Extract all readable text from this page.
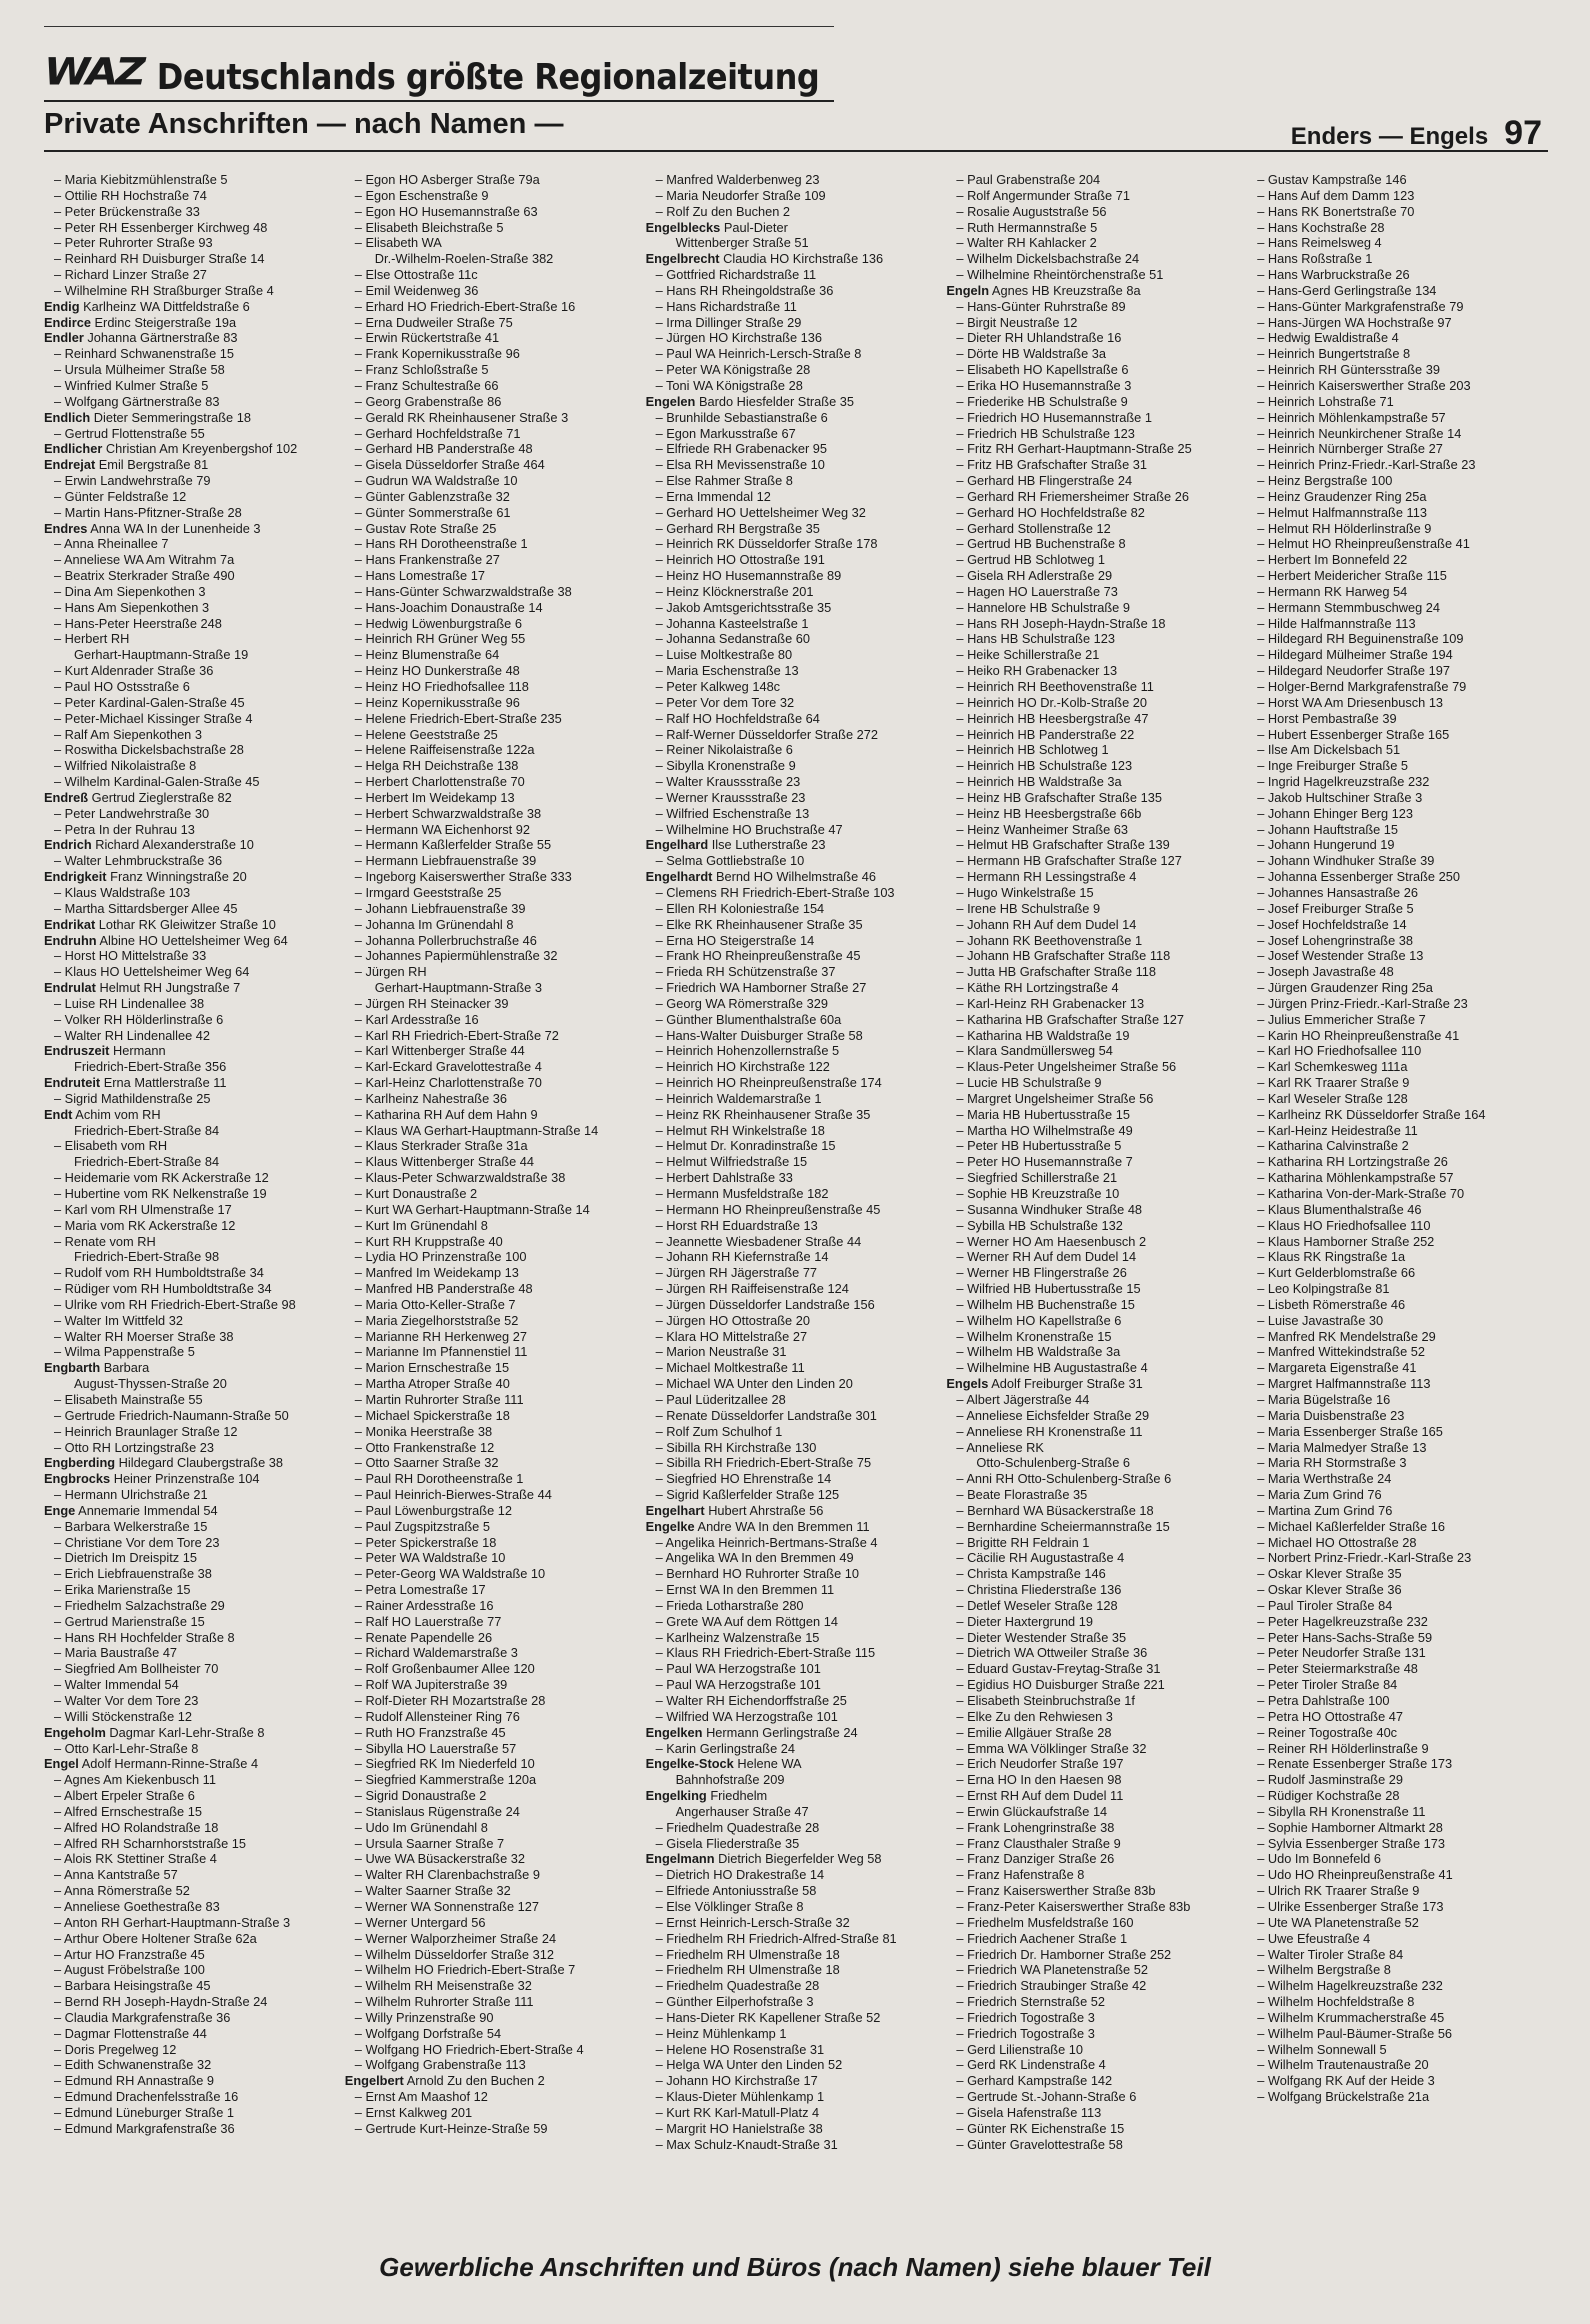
WAZ Deutschlands größte Regionalzeitung
Private Anschriften — nach Namen —	Enders — Engels 97
– Maria Kiebitzmühlenstraße 5
– Ottilie RH Hochstraße 74
– Peter Brückenstraße 33
– Peter RH Essenberger Kirchweg 48
– Peter Ruhrorter Straße 93
– Reinhard RH Duisburger Straße 14
– Richard Linzer Straße 27
– Wilhelmine RH Straßburger Straße 4
Endig Karlheinz WA Dittfeldstraße 6
Endirce Erdinc Steigerstraße 19a
Endler Johanna Gärtnerstraße 83
– Reinhard Schwanenstraße 15
– Ursula Mülheimer Straße 58
– Winfried Kulmer Straße 5
– Wolfgang Gärtnerstraße 83
Endlich Dieter Semmeringstraße 18
– Gertrud Flottenstraße 55
Endlicher Christian Am Kreyenbergshof 102
Endrejat Emil Bergstraße 81
– Erwin Landwehrstraße 79
– Günter Feldstraße 12
– Martin Hans-Pfitzner-Straße 28
Endres Anna WA In der Lunenheide 3
– Anna Rheinallee 7
– Anneliese WA Am Witrahm 7a
– Beatrix Sterkrader Straße 490
– Dina Am Siepenkothen 3
– Hans Am Siepenkothen 3
– Hans-Peter Heerstraße 248
– Herbert RH
Gerhart-Hauptmann-Straße 19
– Kurt Aldenrader Straße 36
– Paul HO Ostsstraße 6
– Peter Kardinal-Galen-Straße 45
– Peter-Michael Kissinger Straße 4
– Ralf Am Siepenkothen 3
– Roswitha Dickelsbachstraße 28
– Wilfried Nikolaistraße 8
– Wilhelm Kardinal-Galen-Straße 45
Endreß Gertrud Zieglerstraße 82
– Peter Landwehrstraße 30
– Petra In der Ruhrau 13
Endrich Richard Alexanderstraße 10
– Walter Lehmbruckstraße 36
Endrigkeit Franz Winningstraße 20
– Klaus Waldstraße 103
– Martha Sittardsberger Allee 45
Endrikat Lothar RK Gleiwitzer Straße 10
Endruhn Albine HO Uettelsheimer Weg 64
– Horst HO Mittelstraße 33
– Klaus HO Uettelsheimer Weg 64
Endrulat Helmut RH Jungstraße 7
– Luise RH Lindenallee 38
– Volker RH Hölderlinstraße 6
– Walter RH Lindenallee 42
Endruszeit Hermann
Friedrich-Ebert-Straße 356
Endruteit Erna Mattlerstraße 11
– Sigrid Mathildenstraße 25
Endt Achim vom RH
Friedrich-Ebert-Straße 84
– Elisabeth vom RH
Friedrich-Ebert-Straße 84
– Heidemarie vom RK Ackerstraße 12
– Hubertine vom RK Nelkenstraße 19
– Karl vom RH Ulmenstraße 17
– Maria vom RK Ackerstraße 12
– Renate vom RH
Friedrich-Ebert-Straße 98
– Rudolf vom RH Humboldtstraße 34
– Rüdiger vom RH Humboldtstraße 34
– Ulrike vom RH Friedrich-Ebert-Straße 98
– Walter Im Wittfeld 32
– Walter RH Moerser Straße 38
– Wilma Pappenstraße 5
Engbarth Barbara
August-Thyssen-Straße 20
– Elisabeth Mainstraße 55
– Gertrude Friedrich-Naumann-Straße 50
– Heinrich Braunlager Straße 12
– Otto RH Lortzingstraße 23
Engberding Hildegard Claubergstraße 38
Engbrocks Heiner Prinzenstraße 104
– Hermann Ulrichstraße 21
Enge Annemarie Immendal 54
– Barbara Welkerstraße 15
– Christiane Vor dem Tore 23
– Dietrich Im Dreispitz 15
– Erich Liebfrauenstraße 38
– Erika Marienstraße 15
– Friedhelm Salzachstraße 29
– Gertrud Marienstraße 15
– Hans RH Hochfelder Straße 8
– Maria Baustraße 47
– Siegfried Am Bollheister 70
– Walter Immendal 54
– Walter Vor dem Tore 23
– Willi Stöckenstraße 12
Engeholm Dagmar Karl-Lehr-Straße 8
– Otto Karl-Lehr-Straße 8
Engel Adolf Hermann-Rinne-Straße 4
– Agnes Am Kiekenbusch 11
– Albert Erpeler Straße 6
– Alfred Ernschestraße 15
– Alfred HO Rolandstraße 18
– Alfred RH Scharnhorststraße 15
– Alois RK Stettiner Straße 4
– Anna Kantstraße 57
– Anna Römerstraße 52
– Anneliese Goethestraße 83
– Anton RH Gerhart-Hauptmann-Straße 3
– Arthur Obere Holtener Straße 62a
– Artur HO Franzstraße 45
– August Fröbelstraße 100
– Barbara Heisingstraße 45
– Bernd RH Joseph-Haydn-Straße 24
– Claudia Markgrafenstraße 36
– Dagmar Flottenstraße 44
– Doris Pregelweg 12
– Edith Schwanenstraße 32
– Edmund RH Annastraße 9
– Edmund Drachenfelsstraße 16
– Edmund Lüneburger Straße 1
– Edmund Markgrafenstraße 36
– Egon HO Asberger Straße 79a
– Egon Eschenstraße 9
– Egon HO Husemannstraße 63
– Elisabeth Bleichstraße 5
– Elisabeth WA
Dr.-Wilhelm-Roelen-Straße 382
– Else Ottostraße 11c
– Emil Weidenweg 36
– Erhard HO Friedrich-Ebert-Straße 16
– Erna Dudweiler Straße 75
– Erwin Rückertstraße 41
– Frank Kopernikusstraße 96
– Franz Schloßstraße 5
– Franz Schultestraße 66
– Georg Grabenstraße 86
– Gerald RK Rheinhausener Straße 3
– Gerhard Hochfeldstraße 71
– Gerhard HB Panderstraße 48
– Gisela Düsseldorfer Straße 464
– Gudrun WA Waldstraße 10
– Günter Gablenzstraße 32
– Günter Sommerstraße 61
– Gustav Rote Straße 25
– Hans RH Dorotheenstraße 1
– Hans Frankenstraße 27
– Hans Lomestraße 17
– Hans-Günter Schwarzwaldstraße 38
– Hans-Joachim Donaustraße 14
– Hedwig Löwenburgstraße 6
– Heinrich RH Grüner Weg 55
– Heinz Blumenstraße 64
– Heinz HO Dunkerstraße 48
– Heinz HO Friedhofsallee 118
– Heinz Kopernikusstraße 96
– Helene Friedrich-Ebert-Straße 235
– Helene Geeststraße 25
– Helene Raiffeisenstraße 122a
– Helga RH Deichstraße 138
– Herbert Charlottenstraße 70
– Herbert Im Weidekamp 13
– Herbert Schwarzwaldstraße 38
– Hermann WA Eichenhorst 92
– Hermann Kaßlerfelder Straße 55
– Hermann Liebfrauenstraße 39
– Ingeborg Kaiserswerther Straße 333
– Irmgard Geeststraße 25
– Johann Liebfrauenstraße 39
– Johanna Im Grünendahl 8
– Johanna Pollerbruchstraße 46
– Johannes Papiermühlenstraße 32
– Jürgen RH
Gerhart-Hauptmann-Straße 3
– Jürgen RH Steinacker 39
– Karl Ardesstraße 16
– Karl RH Friedrich-Ebert-Straße 72
– Karl Wittenberger Straße 44
– Karl-Eckard Gravelottestraße 4
– Karl-Heinz Charlottenstraße 70
– Karlheinz Nahestraße 36
– Katharina RH Auf dem Hahn 9
– Klaus WA Gerhart-Hauptmann-Straße 14
– Klaus Sterkrader Straße 31a
– Klaus Wittenberger Straße 44
– Klaus-Peter Schwarzwaldstraße 38
– Kurt Donaustraße 2
– Kurt WA Gerhart-Hauptmann-Straße 14
– Kurt Im Grünendahl 8
– Kurt RH Kruppstraße 40
– Lydia HO Prinzenstraße 100
– Manfred Im Weidekamp 13
– Manfred HB Panderstraße 48
– Maria Otto-Keller-Straße 7
– Maria Ziegelhorststraße 52
– Marianne RH Herkenweg 27
– Marianne Im Pfannenstiel 11
– Marion Ernschestraße 15
– Martha Atroper Straße 40
– Martin Ruhrorter Straße 111
– Michael Spickerstraße 18
– Monika Heerstraße 38
– Otto Frankenstraße 12
– Otto Saarner Straße 32
– Paul RH Dorotheenstraße 1
– Paul Heinrich-Bierwes-Straße 44
– Paul Löwenburgstraße 12
– Paul Zugspitzstraße 5
– Peter Spickerstraße 18
– Peter WA Waldstraße 10
– Peter-Georg WA Waldstraße 10
– Petra Lomestraße 17
– Rainer Ardesstraße 16
– Ralf HO Lauerstraße 77
– Renate Papendelle 26
– Richard Waldemarstraße 3
– Rolf Großenbaumer Allee 120
– Rolf WA Jupiterstraße 39
– Rolf-Dieter RH Mozartstraße 28
– Rudolf Allensteiner Ring 76
– Ruth HO Franzstraße 45
– Sibylla HO Lauerstraße 57
– Siegfried RK Im Niederfeld 10
– Siegfried Kammerstraße 120a
– Sigrid Donaustraße 2
– Stanislaus Rügenstraße 24
– Udo Im Grünendahl 8
– Ursula Saarner Straße 7
– Uwe WA Büsackerstraße 32
– Walter RH Clarenbachstraße 9
– Walter Saarner Straße 32
– Werner WA Sonnenstraße 127
– Werner Untergard 56
– Werner Walporzheimer Straße 24
– Wilhelm Düsseldorfer Straße 312
– Wilhelm HO Friedrich-Ebert-Straße 7
– Wilhelm RH Meisenstraße 32
– Wilhelm Ruhrorter Straße 111
– Willy Prinzenstraße 90
– Wolfgang Dorfstraße 54
– Wolfgang HO Friedrich-Ebert-Straße 4
– Wolfgang Grabenstraße 113
Engelbert Arnold Zu den Buchen 2
– Ernst Am Maashof 12
– Ernst Kalkweg 201
– Gertrude Kurt-Heinze-Straße 59
– Manfred Walderbenweg 23
– Maria Neudorfer Straße 109
– Rolf Zu den Buchen 2
Engelblecks Paul-Dieter
Wittenberger Straße 51
Engelbrecht Claudia HO Kirchstraße 136
– Gottfried Richardstraße 11
– Hans RH Rheingoldstraße 36
– Hans Richardstraße 11
– Irma Dillinger Straße 29
– Jürgen HO Kirchstraße 136
– Paul WA Heinrich-Lersch-Straße 8
– Peter WA Königstraße 28
– Toni WA Königstraße 28
Engelen Bardo Hiesfelder Straße 35
– Brunhilde Sebastianstraße 6
– Egon Markusstraße 67
– Elfriede RH Grabenacker 95
– Elsa RH Mevissenstraße 10
– Else Rahmer Straße 8
– Erna Immendal 12
– Gerhard HO Uettelsheimer Weg 32
– Gerhard RH Bergstraße 35
– Heinrich RK Düsseldorfer Straße 178
– Heinrich HO Ottostraße 191
– Heinz HO Husemannstraße 89
– Heinz Klöcknerstraße 201
– Jakob Amtsgerichtsstraße 35
– Johanna Kasteelstraße 1
– Johanna Sedanstraße 60
– Luise Moltkestraße 80
– Maria Eschenstraße 13
– Peter Kalkweg 148c
– Peter Vor dem Tore 32
– Ralf HO Hochfeldstraße 64
– Ralf-Werner Düsseldorfer Straße 272
– Reiner Nikolaistraße 6
– Sibylla Kronenstraße 9
– Walter Kraussstraße 23
– Werner Kraussstraße 23
– Wilfried Eschenstraße 13
– Wilhelmine HO Bruchstraße 47
Engelhard Ilse Lutherstraße 23
– Selma Gottliebstraße 10
Engelhardt Bernd HO Wilhelmstraße 46
– Clemens RH Friedrich-Ebert-Straße 103
– Ellen RH Koloniestraße 154
– Elke RK Rheinhausener Straße 35
– Erna HO Steigerstraße 14
– Frank HO Rheinpreußenstraße 45
– Frieda RH Schützenstraße 37
– Friedrich WA Hamborner Straße 27
– Georg WA Römerstraße 329
– Günther Blumenthalstraße 60a
– Hans-Walter Duisburger Straße 58
– Heinrich Hohenzollernstraße 5
– Heinrich HO Kirchstraße 122
– Heinrich HO Rheinpreußenstraße 174
– Heinrich Waldemarstraße 1
– Heinz RK Rheinhausener Straße 35
– Helmut RH Winkelstraße 18
– Helmut Dr. Konradinstraße 15
– Helmut Wilfriedstraße 15
– Herbert Dahlstraße 33
– Hermann Musfeldstraße 182
– Hermann HO Rheinpreußenstraße 45
– Horst RH Eduardstraße 13
– Jeannette Wiesbadener Straße 44
– Johann RH Kiefernstraße 14
– Jürgen RH Jägerstraße 77
– Jürgen RH Raiffeisenstraße 124
– Jürgen Düsseldorfer Landstraße 156
– Jürgen HO Ottostraße 20
– Klara HO Mittelstraße 27
– Marion Neustraße 31
– Michael Moltkestraße 11
– Michael WA Unter den Linden 20
– Paul Lüderitzallee 28
– Renate Düsseldorfer Landstraße 301
– Rolf Zum Schulhof 1
– Sibilla RH Kirchstraße 130
– Sibilla RH Friedrich-Ebert-Straße 75
– Siegfried HO Ehrenstraße 14
– Sigrid Kaßlerfelder Straße 125
Engelhart Hubert Ahrstraße 56
Engelke Andre WA In den Bremmen 11
– Angelika Heinrich-Bertmans-Straße 4
– Angelika WA In den Bremmen 49
– Bernhard HO Ruhrorter Straße 10
– Ernst WA In den Bremmen 11
– Frieda Lotharstraße 280
– Grete WA Auf dem Röttgen 14
– Karlheinz Walzenstraße 15
– Klaus RH Friedrich-Ebert-Straße 115
– Paul WA Herzogstraße 101
– Paul WA Herzogstraße 101
– Walter RH Eichendorffstraße 25
– Wilfried WA Herzogstraße 101
Engelken Hermann Gerlingstraße 24
– Karin Gerlingstraße 24
Engelke-Stock Helene WA
Bahnhofstraße 209
Engelking Friedhelm
Angerhauser Straße 47
– Friedhelm Quadestraße 28
– Gisela Fliederstraße 35
Engelmann Dietrich Biegerfelder Weg 58
– Dietrich HO Drakestraße 14
– Elfriede Antoniusstraße 58
– Else Völklinger Straße 8
– Ernst Heinrich-Lersch-Straße 32
– Friedhelm RH Friedrich-Alfred-Straße 81
– Friedhelm RH Ulmenstraße 18
– Friedhelm RH Ulmenstraße 18
– Friedhelm Quadestraße 28
– Günther Eilperhofstraße 3
– Hans-Dieter RK Kapellener Straße 52
– Heinz Mühlenkamp 1
– Helene HO Rosenstraße 31
– Helga WA Unter den Linden 52
– Johann HO Kirchstraße 17
– Klaus-Dieter Mühlenkamp 1
– Kurt RK Karl-Matull-Platz 4
– Margrit HO Hanielstraße 38
– Max Schulz-Knaudt-Straße 31
– Paul Grabenstraße 204
– Rolf Angermunder Straße 71
– Rosalie Auguststraße 56
– Ruth Hermannstraße 5
– Walter RH Kahlacker 2
– Wilhelm Dickelsbachstraße 24
– Wilhelmine Rheintörchenstraße 51
Engeln Agnes HB Kreuzstraße 8a
– Hans-Günter Ruhrstraße 89
– Birgit Neustraße 12
– Dieter RH Uhlandstraße 16
– Dörte HB Waldstraße 3a
– Elisabeth HO Kapellstraße 6
– Erika HO Husemannstraße 3
– Friederike HB Schulstraße 9
– Friedrich HO Husemannstraße 1
– Friedrich HB Schulstraße 123
– Fritz RH Gerhart-Hauptmann-Straße 25
– Fritz HB Grafschafter Straße 31
– Gerhard HB Flingerstraße 24
– Gerhard RH Friemersheimer Straße 26
– Gerhard HO Hochfeldstraße 82
– Gerhard Stollenstraße 12
– Gertrud HB Buchenstraße 8
– Gertrud HB Schlotweg 1
– Gisela RH Adlerstraße 29
– Hagen HO Lauerstraße 73
– Hannelore HB Schulstraße 9
– Hans RH Joseph-Haydn-Straße 18
– Hans HB Schulstraße 123
– Heike Schillerstraße 21
– Heiko RH Grabenacker 13
– Heinrich RH Beethovenstraße 11
– Heinrich HO Dr.-Kolb-Straße 20
– Heinrich HB Heesbergstraße 47
– Heinrich HB Panderstraße 22
– Heinrich HB Schlotweg 1
– Heinrich HB Schulstraße 123
– Heinrich HB Waldstraße 3a
– Heinz HB Grafschafter Straße 135
– Heinz HB Heesbergstraße 66b
– Heinz Wanheimer Straße 63
– Helmut HB Grafschafter Straße 139
– Hermann HB Grafschafter Straße 127
– Hermann RH Lessingstraße 4
– Hugo Winkelstraße 15
– Irene HB Schulstraße 9
– Johann RH Auf dem Dudel 14
– Johann RK Beethovenstraße 1
– Johann HB Grafschafter Straße 118
– Jutta HB Grafschafter Straße 118
– Käthe RH Lortzingstraße 4
– Karl-Heinz RH Grabenacker 13
– Katharina HB Grafschafter Straße 127
– Katharina HB Waldstraße 19
– Klara Sandmüllersweg 54
– Klaus-Peter Ungelsheimer Straße 56
– Lucie HB Schulstraße 9
– Margret Ungelsheimer Straße 56
– Maria HB Hubertusstraße 15
– Martha HO Wilhelmstraße 49
– Peter HB Hubertusstraße 5
– Peter HO Husemannstraße 7
– Siegfried Schillerstraße 21
– Sophie HB Kreuzstraße 10
– Susanna Windhuker Straße 48
– Sybilla HB Schulstraße 132
– Werner HO Am Haesenbusch 2
– Werner RH Auf dem Dudel 14
– Werner HB Flingerstraße 26
– Wilfried HB Hubertusstraße 15
– Wilhelm HB Buchenstraße 15
– Wilhelm HO Kapellstraße 6
– Wilhelm Kronenstraße 15
– Wilhelm HB Waldstraße 3a
– Wilhelmine HB Augustastraße 4
Engels Adolf Freiburger Straße 31
– Albert Jägerstraße 44
– Anneliese Eichsfelder Straße 29
– Anneliese RH Kronenstraße 11
– Anneliese RK
Otto-Schulenberg-Straße 6
– Anni RH Otto-Schulenberg-Straße 6
– Beate Florastraße 35
– Bernhard WA Büsackerstraße 18
– Bernhardine Scheiermannstraße 15
– Brigitte RH Feldrain 1
– Cäcilie RH Augustastraße 4
– Christa Kampstraße 146
– Christina Fliederstraße 136
– Detlef Weseler Straße 128
– Dieter Haxtergrund 19
– Dieter Westender Straße 35
– Dietrich WA Ottweiler Straße 36
– Eduard Gustav-Freytag-Straße 31
– Egidius HO Duisburger Straße 221
– Elisabeth Steinbruchstraße 1f
– Elke Zu den Rehwiesen 3
– Emilie Allgäuer Straße 28
– Emma WA Völklinger Straße 32
– Erich Neudorfer Straße 197
– Erna HO In den Haesen 98
– Ernst RH Auf dem Dudel 11
– Erwin Glückaufstraße 14
– Frank Lohengrinstraße 38
– Franz Clausthaler Straße 9
– Franz Danziger Straße 26
– Franz Hafenstraße 8
– Franz Kaiserswerther Straße 83b
– Franz-Peter Kaiserswerther Straße 83b
– Friedhelm Musfeldstraße 160
– Friedrich Aachener Straße 1
– Friedrich Dr. Hamborner Straße 252
– Friedrich WA Planetenstraße 52
– Friedrich Straubinger Straße 42
– Friedrich Sternstraße 52
– Friedrich Togostraße 3
– Friedrich Togostraße 3
– Gerd Lilienstraße 10
– Gerd RK Lindenstraße 4
– Gerhard Kampstraße 142
– Gertrude St.-Johann-Straße 6
– Gisela Hafenstraße 113
– Günter RK Eichenstraße 15
– Günter Gravelottestraße 58
– Gustav Kampstraße 146
– Hans Auf dem Damm 123
– Hans RK Bonertstraße 70
– Hans Kochstraße 28
– Hans Reimelsweg 4
– Hans Roßstraße 1
– Hans Warbruckstraße 26
– Hans-Gerd Gerlingstraße 134
– Hans-Günter Markgrafenstraße 79
– Hans-Jürgen WA Hochstraße 97
– Hedwig Ewaldistraße 4
– Heinrich Bungertstraße 8
– Heinrich RH Güntersstraße 39
– Heinrich Kaiserswerther Straße 203
– Heinrich Lohstraße 71
– Heinrich Möhlenkampstraße 57
– Heinrich Neunkirchener Straße 14
– Heinrich Nürnberger Straße 27
– Heinrich Prinz-Friedr.-Karl-Straße 23
– Heinz Bergstraße 100
– Heinz Graudenzer Ring 25a
– Helmut Halfmannstraße 113
– Helmut RH Hölderlinstraße 9
– Helmut HO Rheinpreußenstraße 41
– Herbert Im Bonnefeld 22
– Herbert Meidericher Straße 115
– Hermann RK Harweg 54
– Hermann Stemmbuschweg 24
– Hilde Halfmannstraße 113
– Hildegard RH Beguinenstraße 109
– Hildegard Mülheimer Straße 194
– Hildegard Neudorfer Straße 197
– Holger-Bernd Markgrafenstraße 79
– Horst WA Am Driesenbusch 13
– Horst Pembastraße 39
– Hubert Essenberger Straße 165
– Ilse Am Dickelsbach 51
– Inge Freiburger Straße 5
– Ingrid Hagelkreuzstraße 232
– Jakob Hultschiner Straße 3
– Johann Ehinger Berg 123
– Johann Hauftstraße 15
– Johann Hungerund 19
– Johann Windhuker Straße 39
– Johanna Essenberger Straße 250
– Johannes Hansastraße 26
– Josef Freiburger Straße 5
– Josef Hochfeldstraße 14
– Josef Lohengrinstraße 38
– Josef Westender Straße 13
– Joseph Javastraße 48
– Jürgen Graudenzer Ring 25a
– Jürgen Prinz-Friedr.-Karl-Straße 23
– Julius Emmericher Straße 7
– Karin HO Rheinpreußenstraße 41
– Karl HO Friedhofsallee 110
– Karl Schemkesweg 111a
– Karl RK Traarer Straße 9
– Karl Weseler Straße 128
– Karlheinz RK Düsseldorfer Straße 164
– Karl-Heinz Heidestraße 11
– Katharina Calvinstraße 2
– Katharina RH Lortzingstraße 26
– Katharina Möhlenkampstraße 57
– Katharina Von-der-Mark-Straße 70
– Klaus Blumenthalstraße 46
– Klaus HO Friedhofsallee 110
– Klaus Hamborner Straße 252
– Klaus RK Ringstraße 1a
– Kurt Gelderblomstraße 66
– Leo Kolpingstraße 81
– Lisbeth Römerstraße 46
– Luise Javastraße 30
– Manfred RK Mendelstraße 29
– Manfred Wittekindstraße 52
– Margareta Eigenstraße 41
– Margret Halfmannstraße 113
– Maria Bügelstraße 16
– Maria Duisbenstraße 23
– Maria Essenberger Straße 165
– Maria Malmedyer Straße 13
– Maria RH Stormstraße 3
– Maria Werthstraße 24
– Maria Zum Grind 76
– Martina Zum Grind 76
– Michael Kaßlerfelder Straße 16
– Michael HO Ottostraße 28
– Norbert Prinz-Friedr.-Karl-Straße 23
– Oskar Klever Straße 35
– Oskar Klever Straße 36
– Paul Tiroler Straße 84
– Peter Hagelkreuzstraße 232
– Peter Hans-Sachs-Straße 59
– Peter Neudorfer Straße 131
– Peter Steiermarkstraße 48
– Peter Tiroler Straße 84
– Petra Dahlstraße 100
– Petra HO Ottostraße 47
– Reiner Togostraße 40c
– Reiner RH Hölderlinstraße 9
– Renate Essenberger Straße 173
– Rudolf Jasminstraße 29
– Rüdiger Kochstraße 28
– Sibylla RH Kronenstraße 11
– Sophie Hamborner Altmarkt 28
– Sylvia Essenberger Straße 173
– Udo Im Bonnefeld 6
– Udo HO Rheinpreußenstraße 41
– Ulrich RK Traarer Straße 9
– Ulrike Essenberger Straße 173
– Ute WA Planetenstraße 52
– Uwe Efeustraße 4
– Walter Tiroler Straße 84
– Wilhelm Bergstraße 8
– Wilhelm Hagelkreuzstraße 232
– Wilhelm Hochfeldstraße 8
– Wilhelm Krummacherstraße 45
– Wilhelm Paul-Bäumer-Straße 56
– Wilhelm Sonnewall 5
– Wilhelm Trautenaustraße 20
– Wolfgang RK Auf der Heide 3
– Wolfgang Brückelstraße 21a
Gewerbliche Anschriften und Büros (nach Namen) siehe blauer Teil
